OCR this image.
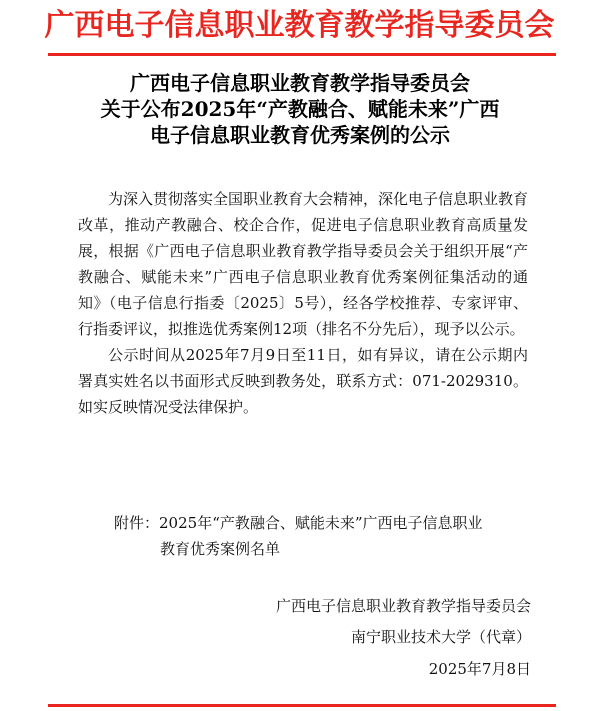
广西电子信息职业教育教学指导委员会
广西电子信息职业教育教学指导委员会
关于公布2025年“产教融合、赋能未来”广西
电子信息职业教育优秀案例的公示

为深入贯彻落实全国职业教育大会精神，深化电子信息职业教育改革，推动产教融合、校企合作，促进电子信息职业教育高质量发展，根据《广西电子信息职业教育教学指导委员会关于组织开展“产教融合、赋能未来”广西电子信息职业教育优秀案例征集活动的通知》（电子信息行指委〔2025〕5号），经各学校推荐、专家评审、行指委评议，拟推选优秀案例12项（排名不分先后），现予以公示。

公示时间从2025年7月9日至11日，如有异议，请在公示期内署真实姓名以书面形式反映到教务处，联系方式：071-2029310。如实反映情况受法律保护。

附件：2025年“产教融合、赋能未来”广西电子信息职业
教育优秀案例名单
广西电子信息职业教育教学指导委员会
南宁职业技术大学（代章）
2025年7月8日
